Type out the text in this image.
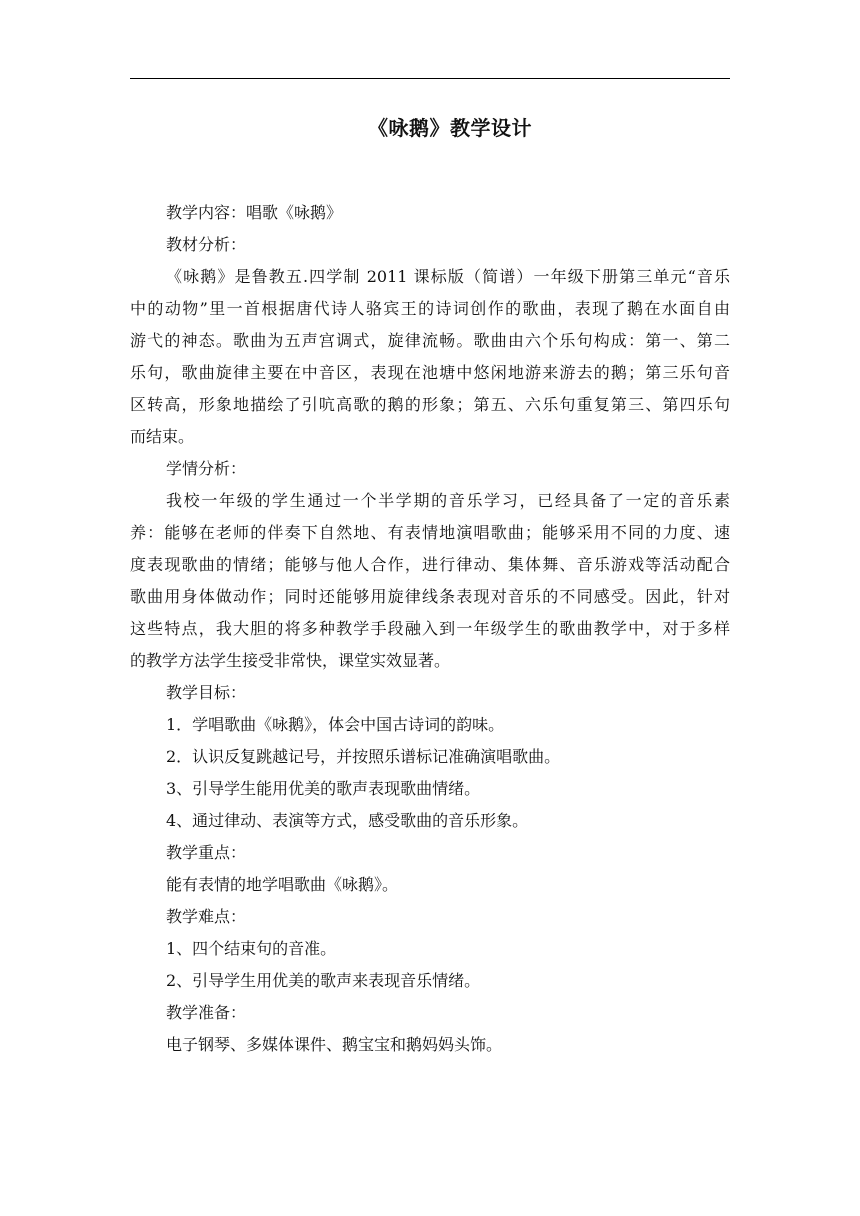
《咏鹅》教学设计
教学内容：唱歌《咏鹅》
教材分析：
《咏鹅》是鲁教五.四学制 2011 课标版（简谱）一年级下册第三单元“音乐
中的动物”里一首根据唐代诗人骆宾王的诗词创作的歌曲，表现了鹅在水面自由
游弋的神态。歌曲为五声宫调式，旋律流畅。歌曲由六个乐句构成：第一、第二
乐句，歌曲旋律主要在中音区，表现在池塘中悠闲地游来游去的鹅；第三乐句音
区转高，形象地描绘了引吭高歌的鹅的形象；第五、六乐句重复第三、第四乐句
而结束。
学情分析：
我校一年级的学生通过一个半学期的音乐学习，已经具备了一定的音乐素
养：能够在老师的伴奏下自然地、有表情地演唱歌曲；能够采用不同的力度、速
度表现歌曲的情绪；能够与他人合作，进行律动、集体舞、音乐游戏等活动配合
歌曲用身体做动作；同时还能够用旋律线条表现对音乐的不同感受。因此，针对
这些特点，我大胆的将多种教学手段融入到一年级学生的歌曲教学中，对于多样
的教学方法学生接受非常快，课堂实效显著。
教学目标：
1．学唱歌曲《咏鹅》，体会中国古诗词的韵味。
2．认识反复跳越记号，并按照乐谱标记准确演唱歌曲。
3、引导学生能用优美的歌声表现歌曲情绪。
4、通过律动、表演等方式，感受歌曲的音乐形象。
教学重点：
能有表情的地学唱歌曲《咏鹅》。
教学难点：
1、四个结束句的音准。
2、引导学生用优美的歌声来表现音乐情绪。
教学准备：
电子钢琴、多媒体课件、鹅宝宝和鹅妈妈头饰。
